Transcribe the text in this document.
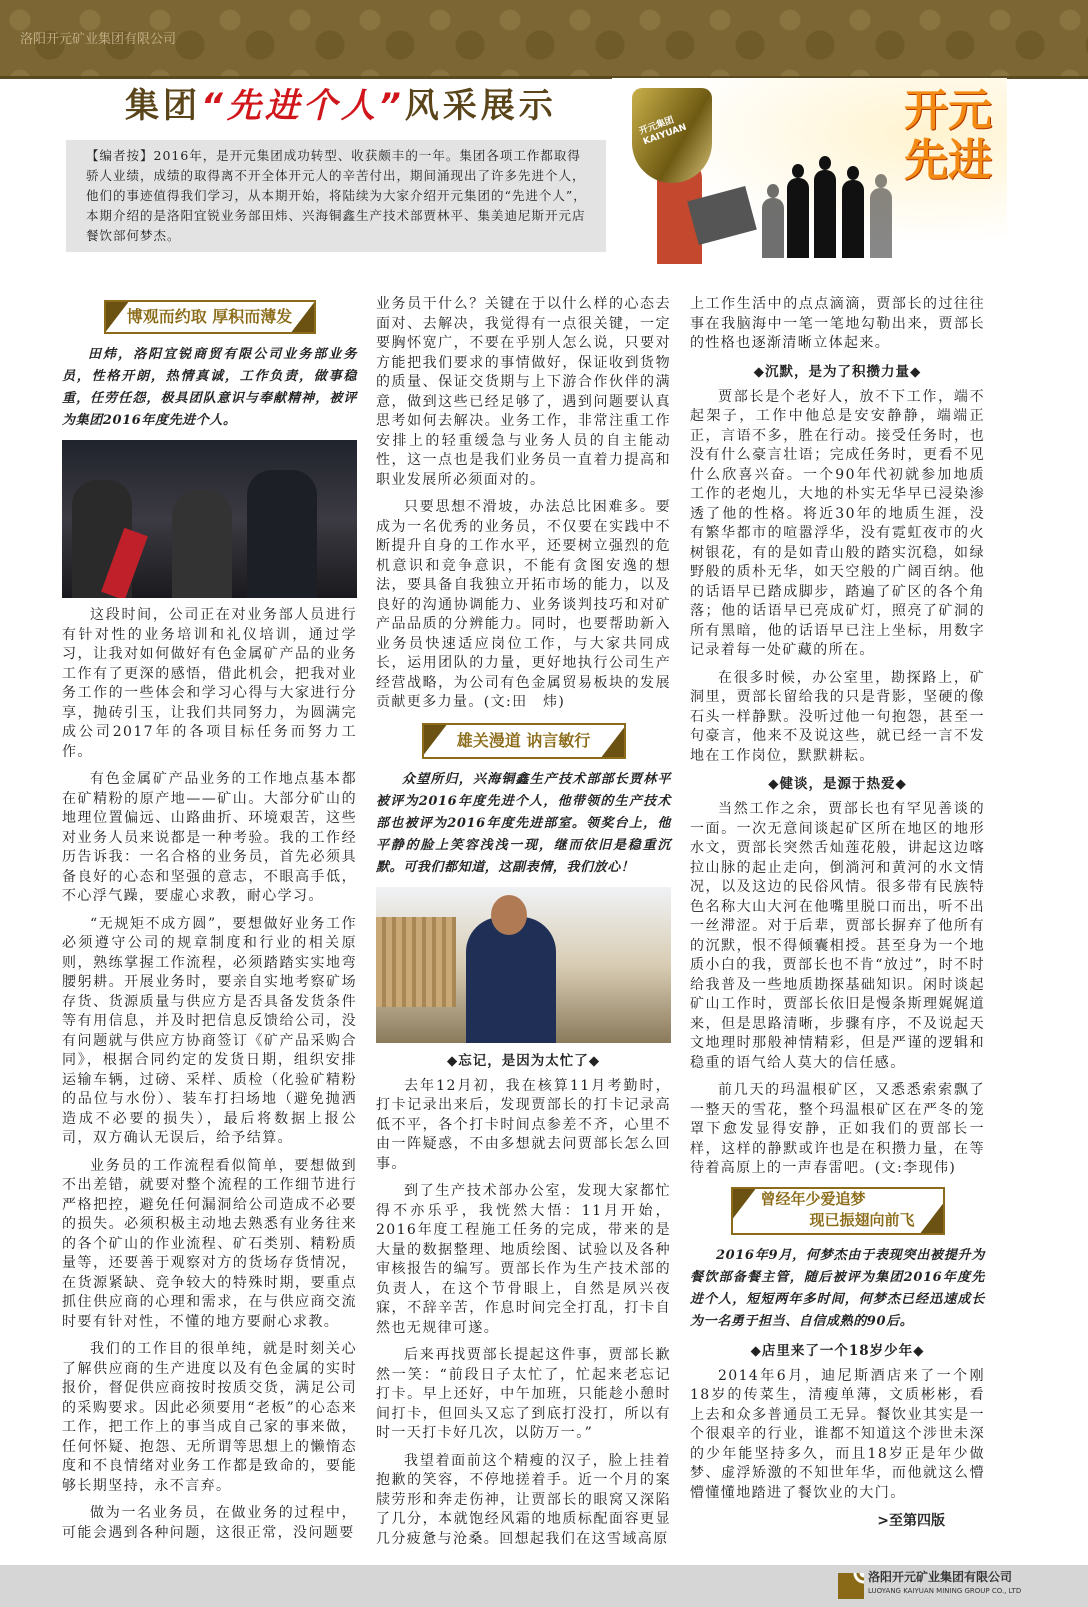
洛阳开元矿业集团有限公司
集团“先进个人”风采展示
【编者按】2016年，是开元集团成功转型、收获颇丰的一年。集团各项工作都取得骄人业绩，成绩的取得离不开全体开元人的辛苦付出，期间涌现出了许多先进个人，他们的事迹值得我们学习，从本期开始，将陆续为大家介绍开元集团的“先进个人”，本期介绍的是洛阳宜锐业务部田炜、兴海铜鑫生产技术部贾林平、集美迪尼斯开元店餐饮部何梦杰。
开元集团 KAIYUAN	开元先进
博观而约取 厚积而薄发

田炜，洛阳宜锐商贸有限公司业务部业务员，性格开朗，热情真诚，工作负责，做事稳重，任劳任怨，极具团队意识与奉献精神，被评为集团2016年度先进个人。

这段时间，公司正在对业务部人员进行有针对性的业务培训和礼仪培训，通过学习，让我对如何做好有色金属矿产品的业务工作有了更深的感悟，借此机会，把我对业务工作的一些体会和学习心得与大家进行分享，抛砖引玉，让我们共同努力，为圆满完成公司2017年的各项目标任务而努力工作。

有色金属矿产品业务的工作地点基本都在矿精粉的原产地——矿山。大部分矿山的地理位置偏远、山路曲折、环境艰苦，这些对业务人员来说都是一种考验。我的工作经历告诉我：一名合格的业务员，首先必须具备良好的心态和坚强的意志，不眼高手低，不心浮气躁，要虚心求教，耐心学习。

“无规矩不成方圆”，要想做好业务工作必须遵守公司的规章制度和行业的相关原则，熟练掌握工作流程，必须踏踏实实地弯腰躬耕。开展业务时，要亲自实地考察矿场存货、货源质量与供应方是否具备发货条件等有用信息，并及时把信息反馈给公司，没有问题就与供应方协商签订《矿产品采购合同》，根据合同约定的发货日期，组织安排运输车辆，过磅、采样、质检（化验矿精粉的品位与水份）、装车打扫场地（避免抛洒造成不必要的损失），最后将数据上报公司，双方确认无误后，给予结算。

业务员的工作流程看似简单，要想做到不出差错，就要对整个流程的工作细节进行严格把控，避免任何漏洞给公司造成不必要的损失。必须积极主动地去熟悉有业务往来的各个矿山的作业流程、矿石类别、精粉质量等，还要善于观察对方的货场存货情况，在货源紧缺、竞争较大的特殊时期，要重点抓住供应商的心理和需求，在与供应商交流时要有针对性，不懂的地方要耐心求教。

我们的工作目的很单纯，就是时刻关心了解供应商的生产进度以及有色金属的实时报价，督促供应商按时按质交货，满足公司的采购要求。因此必须要用“老板”的心态来工作，把工作上的事当成自己家的事来做，任何怀疑、抱怨、无所谓等思想上的懒惰态度和不良情绪对业务工作都是致命的，要能够长期坚持，永不言弃。

做为一名业务员，在做业务的过程中，可能会遇到各种问题，这很正常，没问题要

业务员干什么？关键在于以什么样的心态去面对、去解决，我觉得有一点很关键，一定要胸怀宽广，不要在乎别人怎么说，只要对方能把我们要求的事情做好，保证收到货物的质量、保证交货期与上下游合作伙伴的满意，做到这些已经足够了，遇到问题要认真思考如何去解决。业务工作，非常注重工作安排上的轻重缓急与业务人员的自主能动性，这一点也是我们业务员一直着力提高和职业发展所必须面对的。

只要思想不滑坡，办法总比困难多。要成为一名优秀的业务员，不仅要在实践中不断提升自身的工作水平，还要树立强烈的危机意识和竞争意识，不能有贪图安逸的想法，要具备自我独立开拓市场的能力，以及良好的沟通协调能力、业务谈判技巧和对矿产品品质的分辨能力。同时，也要帮助新入业务员快速适应岗位工作，与大家共同成长，运用团队的力量，更好地执行公司生产经营战略，为公司有色金属贸易板块的发展贡献更多力量。(文:田　炜)

雄关漫道 讷言敏行

众望所归，兴海铜鑫生产技术部部长贾林平被评为2016年度先进个人，他带领的生产技术部也被评为2016年度先进部室。领奖台上，他平静的脸上笑容浅浅一现，继而依旧是稳重沉默。可我们都知道，这副表情，我们放心！

◆忘记，是因为太忙了◆

去年12月初，我在核算11月考勤时，打卡记录出来后，发现贾部长的打卡记录高低不平，各个打卡时间点参差不齐，心里不由一阵疑惑，不由多想就去问贾部长怎么回事。

到了生产技术部办公室，发现大家都忙得不亦乐乎，我恍然大悟：11月开始，2016年度工程施工任务的完成，带来的是大量的数据整理、地质绘图、试验以及各种审核报告的编写。贾部长作为生产技术部的负责人，在这个节骨眼上，自然是夙兴夜寐，不辞辛苦，作息时间完全打乱，打卡自然也无规律可遂。

后来再找贾部长提起这件事，贾部长歉然一笑：“前段日子太忙了，忙起来老忘记打卡。早上还好，中午加班，只能趁小憩时间打卡，但回头又忘了到底打没打，所以有时一天打卡好几次，以防万一。”

我望着面前这个精瘦的汉子，脸上挂着抱歉的笑容，不停地搓着手。近一个月的案牍劳形和奔走伤神，让贾部长的眼窝又深陷了几分，本就饱经风霜的地质标配面容更显几分疲惫与沧桑。回想起我们在这雪域高原

上工作生活中的点点滴滴，贾部长的过往往事在我脑海中一笔一笔地勾勒出来，贾部长的性格也逐渐清晰立体起来。

◆沉默，是为了积攒力量◆

贾部长是个老好人，放不下工作，端不起架子，工作中他总是安安静静，端端正正，言语不多，胜在行动。接受任务时，也没有什么豪言壮语；完成任务时，更看不见什么欣喜兴奋。一个90年代初就参加地质工作的老炮儿，大地的朴实无华早已浸染渗透了他的性格。将近30年的地质生涯，没有繁华都市的喧嚣浮华，没有霓虹夜市的火树银花，有的是如青山般的踏实沉稳，如绿野般的质朴无华，如天空般的广阔百纳。他的话语早已踏成脚步，踏遍了矿区的各个角落；他的话语早已亮成矿灯，照亮了矿洞的所有黑暗，他的话语早已注上坐标，用数字记录着每一处矿藏的所在。

在很多时候，办公室里，勘探路上，矿洞里，贾部长留给我的只是背影，坚硬的像石头一样静默。没听过他一句抱怨，甚至一句豪言，他来不及说这些，就已经一言不发地在工作岗位，默默耕耘。

◆健谈，是源于热爱◆

当然工作之余，贾部长也有罕见善谈的一面。一次无意间谈起矿区所在地区的地形水文，贾部长突然舌灿莲花般，讲起这边喀拉山脉的起止走向，倒淌河和黄河的水文情况，以及这边的民俗风情。很多带有民族特色名称大山大河在他嘴里脱口而出，听不出一丝滞涩。对于后辈，贾部长摒弃了他所有的沉默，恨不得倾囊相授。甚至身为一个地质小白的我，贾部长也不肯“放过”，时不时给我普及一些地质勘探基础知识。闲时谈起矿山工作时，贾部长依旧是慢条斯理娓娓道来，但是思路清晰，步骤有序，不及说起天文地理时那般神情精彩，但是严谨的逻辑和稳重的语气给人莫大的信任感。

前几天的玛温根矿区，又悉悉索索飘了一整天的雪花，整个玛温根矿区在严冬的笼罩下愈发显得安静，正如我们的贾部长一样，这样的静默或许也是在积攒力量，在等待着高原上的一声春雷吧。(文:李现伟)

曾经年少爱追梦
现已振翅向前飞

2016年9月，何梦杰由于表现突出被提升为餐饮部备餐主管，随后被评为集团2016年度先进个人，短短两年多时间，何梦杰已经迅速成长为一名勇于担当、自信成熟的90后。

◆店里来了一个18岁少年◆

2014年6月，迪尼斯酒店来了一个刚18岁的传菜生，清瘦单薄，文质彬彬，看上去和众多普通员工无异。餐饮业其实是一个很艰辛的行业，谁都不知道这个涉世未深的少年能坚持多久，而且18岁正是年少做梦、虚浮矫激的不知世年华，而他就这么懵懵懂懂地踏进了餐饮业的大门。

>至第四版
洛阳开元矿业集团有限公司
LUOYANG KAIYUAN MINING GROUP CO., LTD
